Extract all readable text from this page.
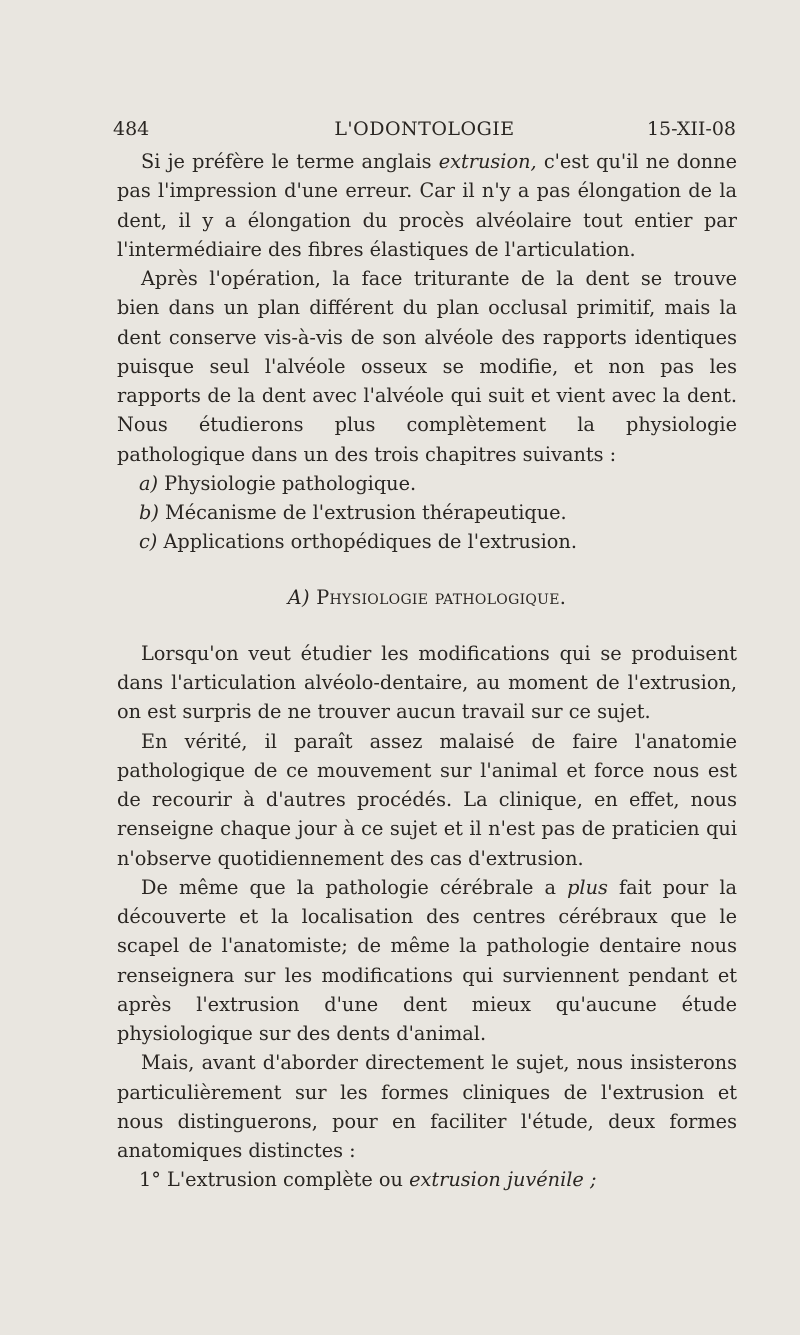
484	L'ODONTOLOGIE	15-XII-08

Si je préfère le terme anglais extrusion, c'est qu'il ne donne pas l'impression d'une erreur. Car il n'y a pas élongation de la dent, il y a élongation du procès alvéolaire tout entier par l'intermédiaire des fibres élastiques de l'articulation.

Après l'opération, la face triturante de la dent se trouve bien dans un plan différent du plan occlusal primitif, mais la dent conserve vis-à-vis de son alvéole des rapports identiques puisque seul l'alvéole osseux se modifie, et non pas les rapports de la dent avec l'alvéole qui suit et vient avec la dent. Nous étudierons plus complètement la physiologie pathologique dans un des trois chapitres suivants :

a) Physiologie pathologique.

b) Mécanisme de l'extrusion thérapeutique.

c) Applications orthopédiques de l'extrusion.

A) Physiologie pathologique.

Lorsqu'on veut étudier les modifications qui se produisent dans l'articulation alvéolo-dentaire, au moment de l'extrusion, on est surpris de ne trouver aucun travail sur ce sujet.

En vérité, il paraît assez malaisé de faire l'anatomie pathologique de ce mouvement sur l'animal et force nous est de recourir à d'autres procédés. La clinique, en effet, nous renseigne chaque jour à ce sujet et il n'est pas de praticien qui n'observe quotidiennement des cas d'extrusion.

De même que la pathologie cérébrale a plus fait pour la découverte et la localisation des centres cérébraux que le scapel de l'anatomiste; de même la pathologie dentaire nous renseignera sur les modifications qui surviennent pendant et après l'extrusion d'une dent mieux qu'aucune étude physiologique sur des dents d'animal.

Mais, avant d'aborder directement le sujet, nous insisterons particulièrement sur les formes cliniques de l'extrusion et nous distinguerons, pour en faciliter l'étude, deux formes anatomiques distinctes :

1° L'extrusion complète ou extrusion juvénile ;
